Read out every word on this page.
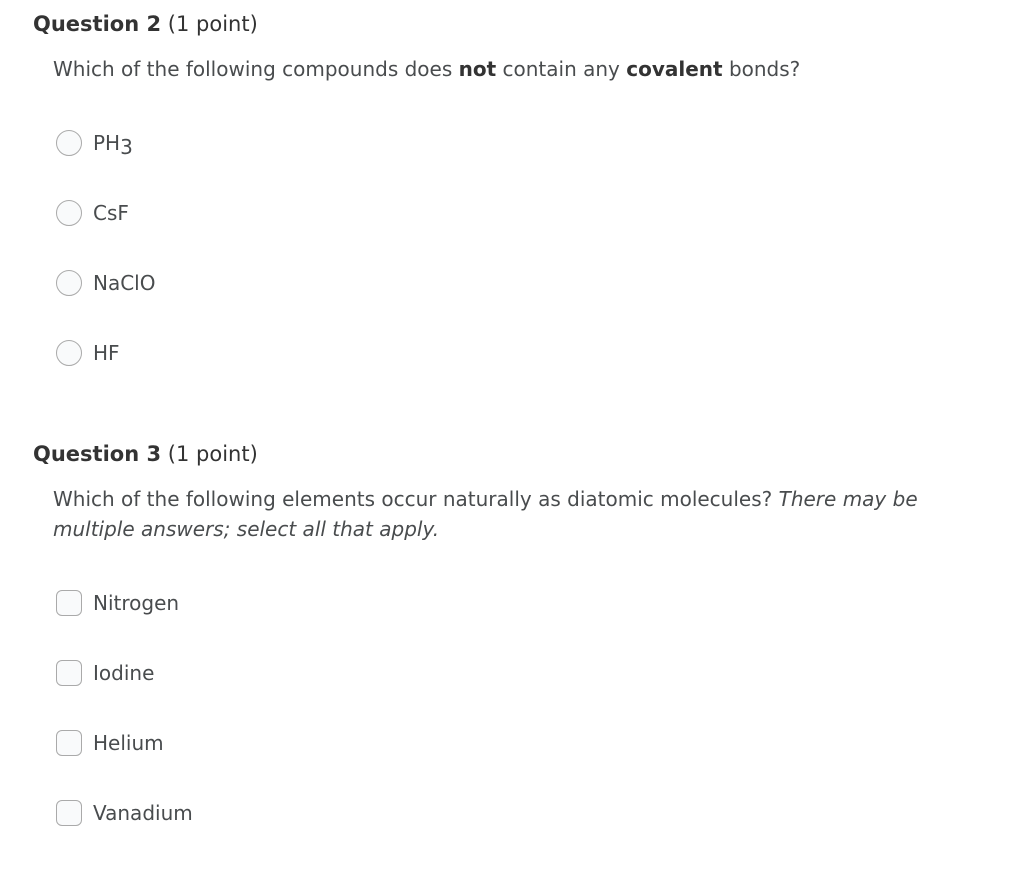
Question 2 (1 point)
Which of the following compounds does not contain any covalent bonds?
PH3
CsF
NaClO
HF
Question 3 (1 point)
Which of the following elements occur naturally as diatomic molecules? There may be multiple answers; select all that apply.
Nitrogen
Iodine
Helium
Vanadium
